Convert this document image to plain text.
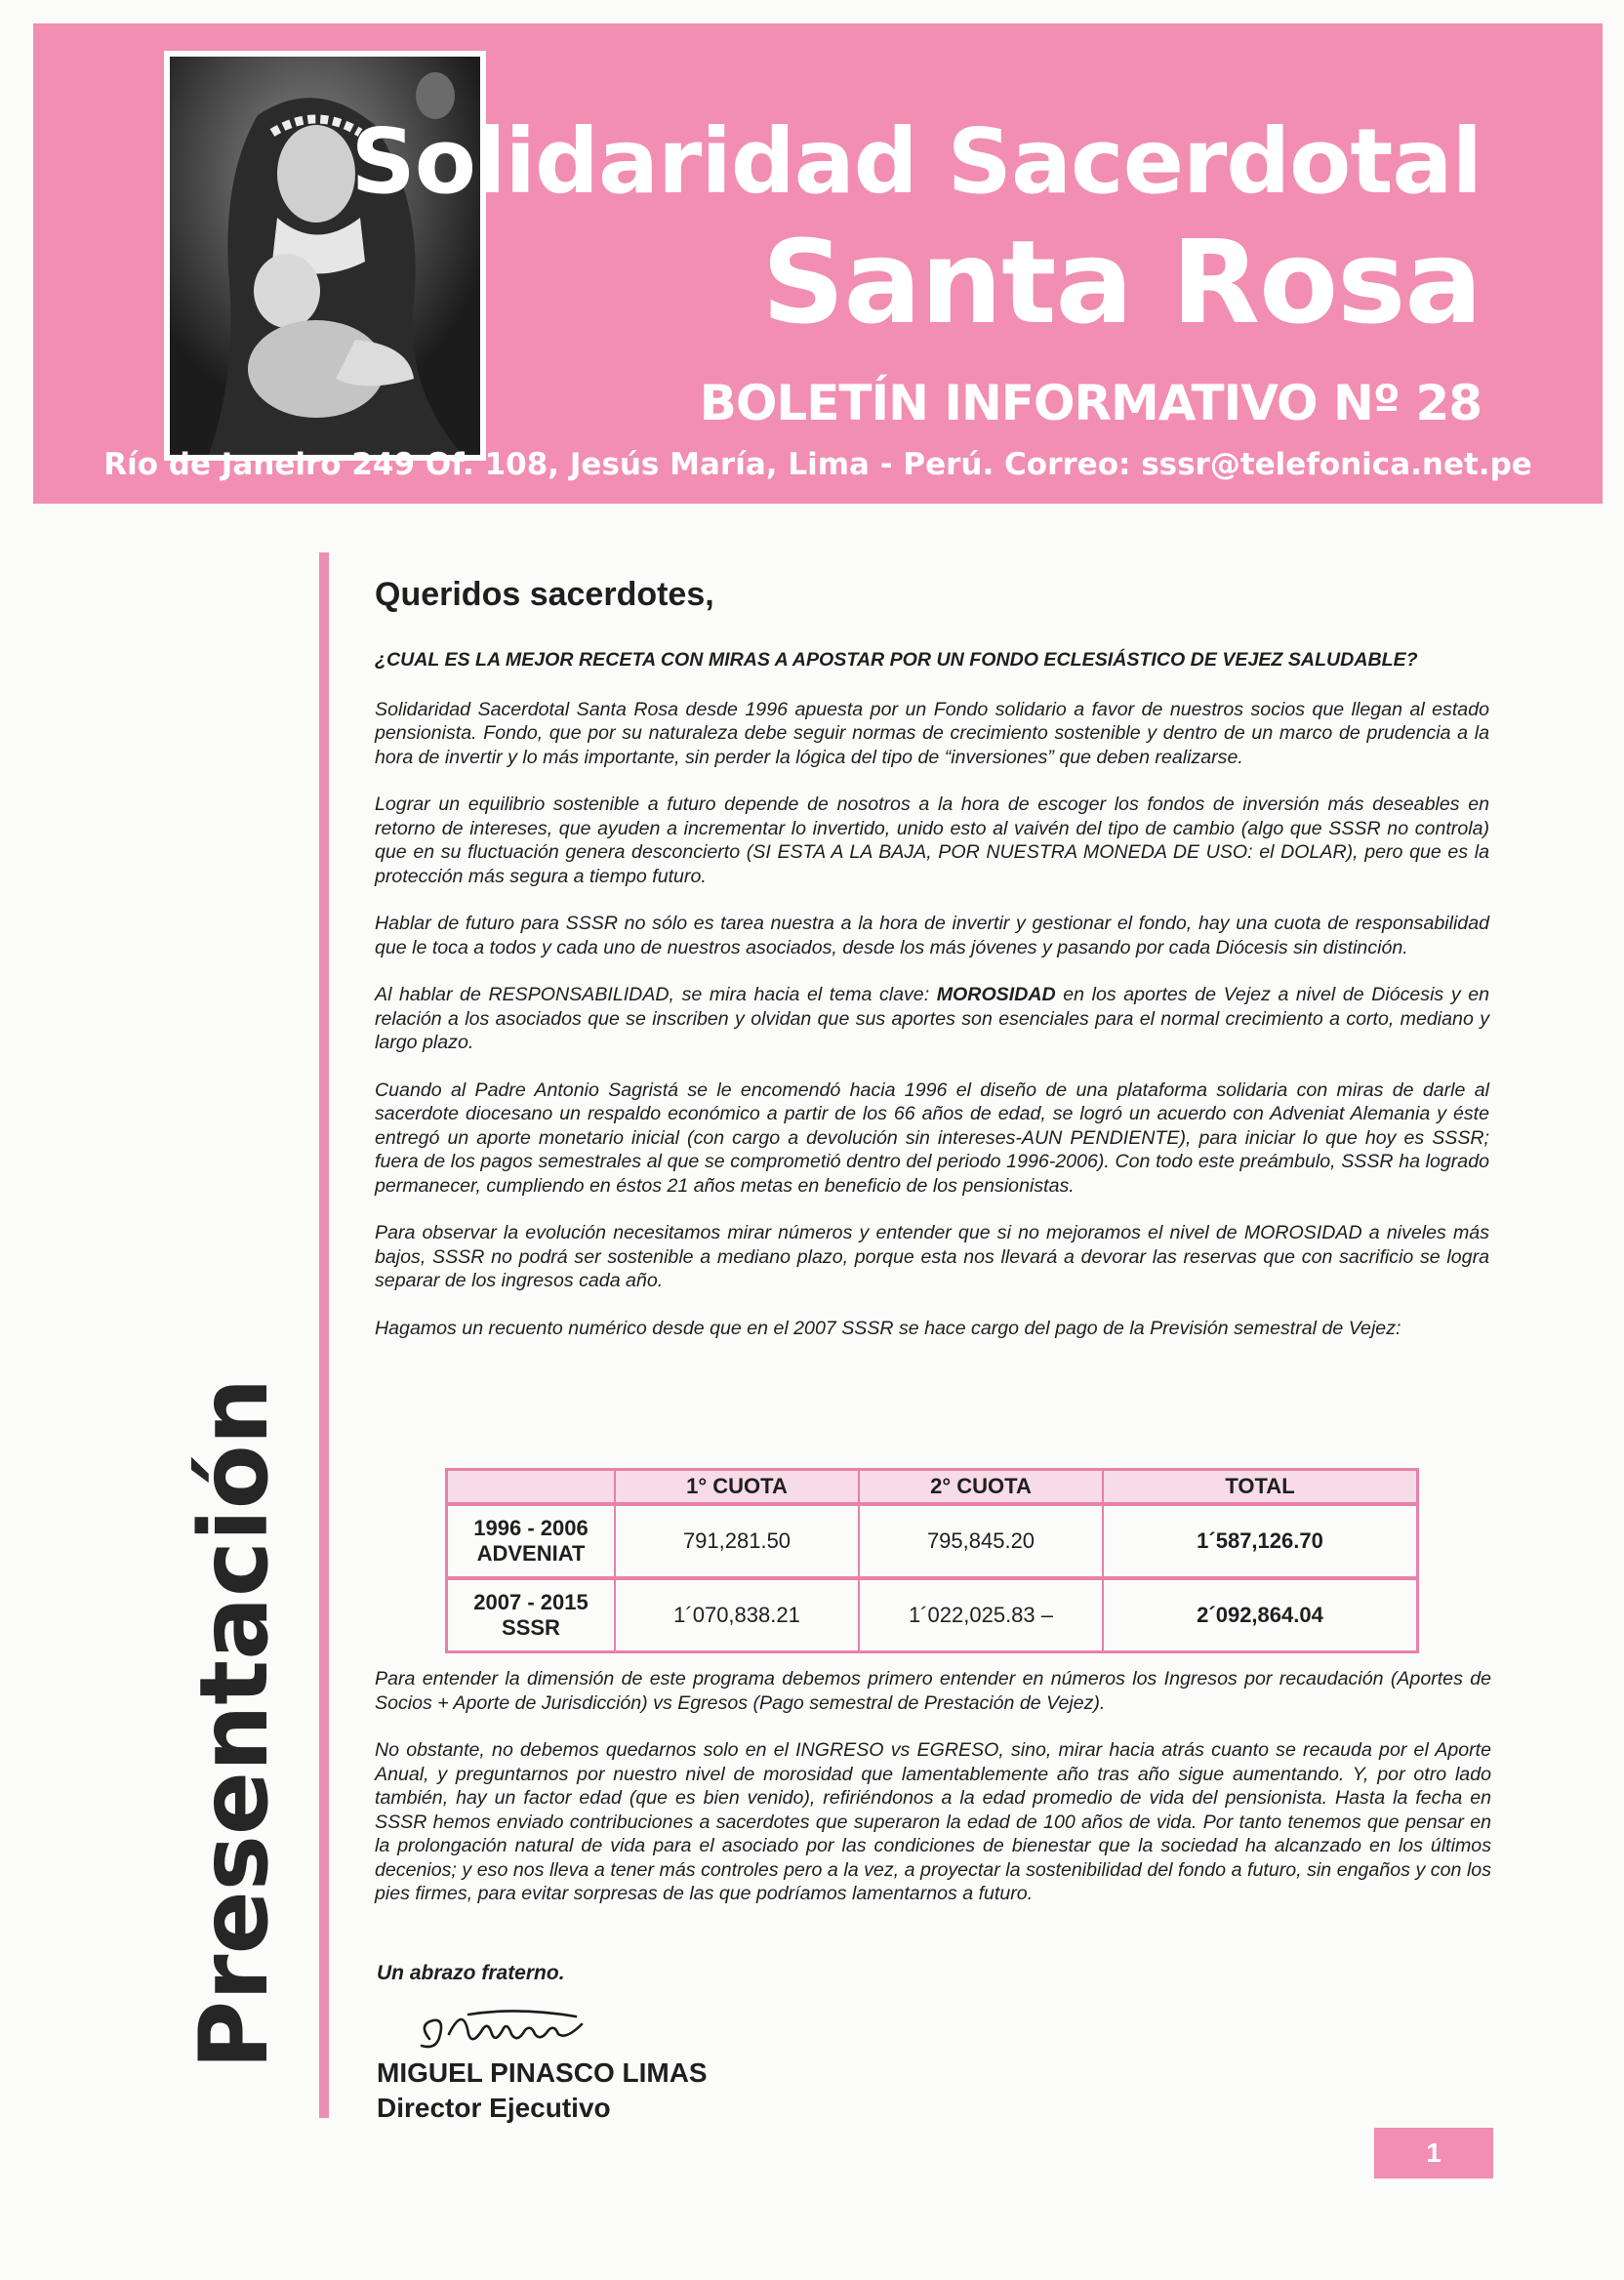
Solidaridad Sacerdotal
Santa Rosa
BOLETÍN INFORMATIVO Nº 28

Río de Janeiro 249 Of. 108, Jesús María, Lima - Perú. Correo: sssr@telefonica.net.pe

Presentación
Queridos sacerdotes,

¿CUAL ES LA MEJOR RECETA CON MIRAS A APOSTAR POR UN FONDO ECLESIÁSTICO DE VEJEZ SALUDABLE?

Solidaridad Sacerdotal Santa Rosa desde 1996 apuesta por un Fondo solidario a favor de nuestros socios que llegan al estado pensionista. Fondo, que por su naturaleza debe seguir normas de crecimiento sostenible y dentro de un marco de prudencia a la hora de invertir y lo más importante, sin perder la lógica del tipo de “inversiones” que deben realizarse.

Lograr un equilibrio sostenible a futuro depende de nosotros a la hora de escoger los fondos de inversión más deseables en retorno de intereses, que ayuden a incrementar lo invertido, unido esto al vaivén del tipo de cambio (algo que SSSR no controla) que en su fluctuación genera desconcierto (SI ESTA A LA BAJA, POR NUESTRA MONEDA DE USO: el DOLAR), pero que es la protección más segura a tiempo futuro.

Hablar de futuro para SSSR no sólo es tarea nuestra a la hora de invertir y gestionar el fondo, hay una cuota de responsabilidad que le toca a todos y cada uno de nuestros asociados, desde los más jóvenes y pasando por cada Diócesis sin distinción.

Al hablar de RESPONSABILIDAD, se mira hacia el tema clave: MOROSIDAD en los aportes de Vejez a nivel de Diócesis y en relación a los asociados que se inscriben y olvidan que sus aportes son esenciales para el normal crecimiento a corto, mediano y largo plazo.

Cuando al Padre Antonio Sagristá se le encomendó hacia 1996 el diseño de una plataforma solidaria con miras de darle al sacerdote diocesano un respaldo económico a partir de los 66 años de edad, se logró un acuerdo con Adveniat Alemania y éste entregó un aporte monetario inicial (con cargo a devolución sin intereses-AUN PENDIENTE), para iniciar lo que hoy es SSSR; fuera de los pagos semestrales al que se comprometió dentro del periodo 1996-2006). Con todo este preámbulo, SSSR ha logrado permanecer, cumpliendo en éstos 21 años metas en beneficio de los pensionistas.

Para observar la evolución necesitamos mirar números y entender que si no mejoramos el nivel de MOROSIDAD a niveles más bajos, SSSR no podrá ser sostenible a mediano plazo, porque esta nos llevará a devorar las reservas que con sacrificio se logra separar de los ingresos cada año.

Hagamos un recuento numérico desde que en el 2007 SSSR se hace cargo del pago de la Previsión semestral de Vejez:

	1° CUOTA	2° CUOTA	TOTAL
1996 - 2006
ADVENIAT	791,281.50	795,845.20	1´587,126.70
2007 - 2015
SSSR	1´070,838.21	1´022,025.83 –	2´092,864.04

Para entender la dimensión de este programa debemos primero entender en números los Ingresos por recaudación (Aportes de Socios + Aporte de Jurisdicción) vs Egresos (Pago semestral de Prestación de Vejez).

No obstante, no debemos quedarnos solo en el INGRESO vs EGRESO, sino, mirar hacia atrás cuanto se recauda por el Aporte Anual, y preguntarnos por nuestro nivel de morosidad que lamentablemente año tras año sigue aumentando. Y, por otro lado también, hay un factor edad (que es bien venido), refiriéndonos a la edad promedio de vida del pensionista. Hasta la fecha en SSSR hemos enviado contribuciones a sacerdotes que superaron la edad de 100 años de vida. Por tanto tenemos que pensar en la prolongación natural de vida para el asociado por las condiciones de bienestar que la sociedad ha alcanzado en los últimos decenios; y eso nos lleva a tener más controles pero a la vez, a proyectar la sostenibilidad del fondo a futuro, sin engaños y con los pies firmes, para evitar sorpresas de las que podríamos lamentarnos a futuro.

Un abrazo fraterno.

MIGUEL PINASCO LIMAS

Director Ejecutivo

1
